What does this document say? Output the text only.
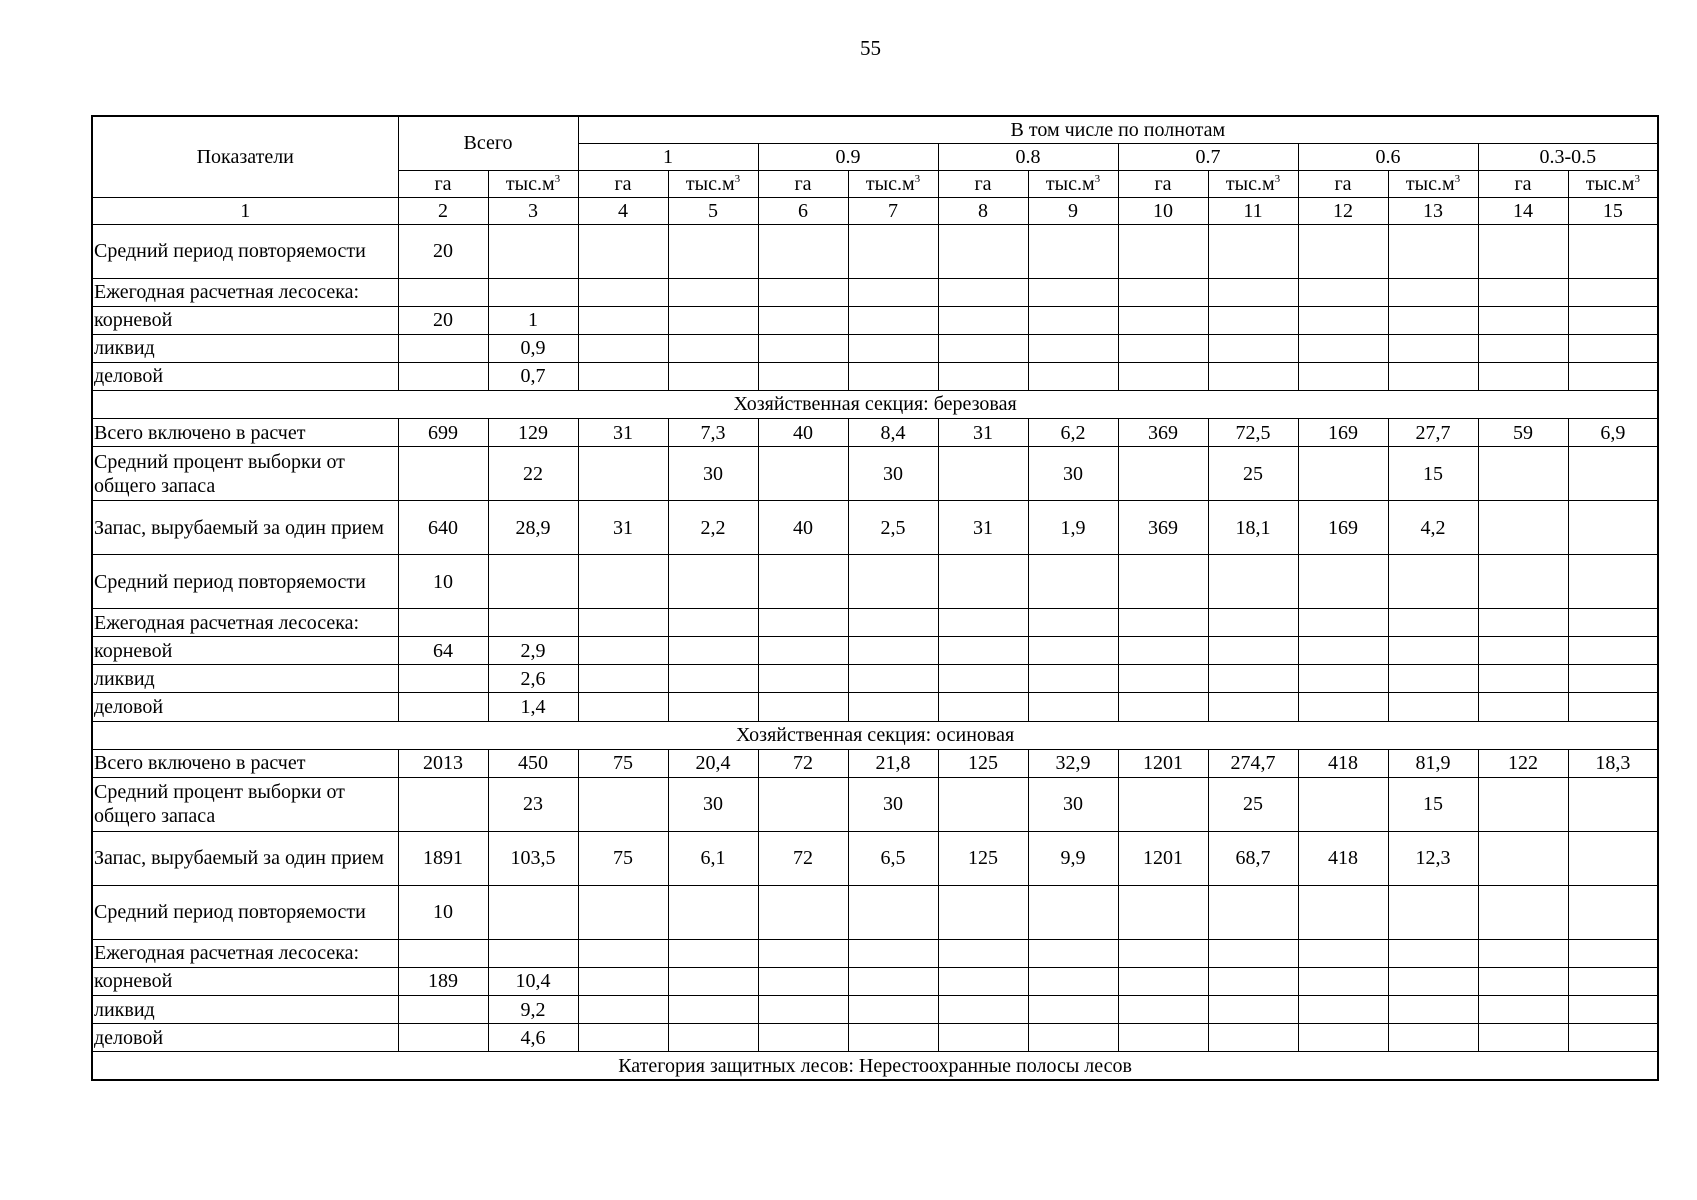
55
Показатели	Всего		В том числе по полнотам											
			1		0.9		0.8		0.7		0.6		0.3-0.5	
	га	$тыс.м^3$	га	$тыс.м^3$	га	$тыс.м^3$	га	$тыс.м^3$	га	$тыс.м^3$	га	$тыс.м^3$	га	$тыс.м^3$
1	2	3	4	5	6	7	8	9	10	11	12	13	14	15
Средний период повторяемости	20													
Ежегодная расчетная лесосека:														
корневой	20	1												
ликвид		0,9												
деловой		0,7												
Хозяйственная секция: березовая														
Всего включено в расчет	699	129	31	7,3	40	8,4	31	6,2	369	72,5	169	27,7	59	6,9
Средний процент выборки от общего запаса		22		30		30		30		25		15		
Запас, вырубаемый за один прием	640	28,9	31	2,2	40	2,5	31	1,9	369	18,1	169	4,2		
Средний период повторяемости	10													
Ежегодная расчетная лесосека:														
корневой	64	2,9												
ликвид		2,6												
деловой		1,4												
Хозяйственная секция: осиновая														
Всего включено в расчет	2013	450	75	20,4	72	21,8	125	32,9	1201	274,7	418	81,9	122	18,3
Средний процент выборки от общего запаса		23		30		30		30		25		15		
Запас, вырубаемый за один прием	1891	103,5	75	6,1	72	6,5	125	9,9	1201	68,7	418	12,3		
Средний период повторяемости	10													
Ежегодная расчетная лесосека:														
корневой	189	10,4												
ликвид		9,2												
деловой		4,6												
Категория защитных лесов: Нерестоохранные полосы лесов														
